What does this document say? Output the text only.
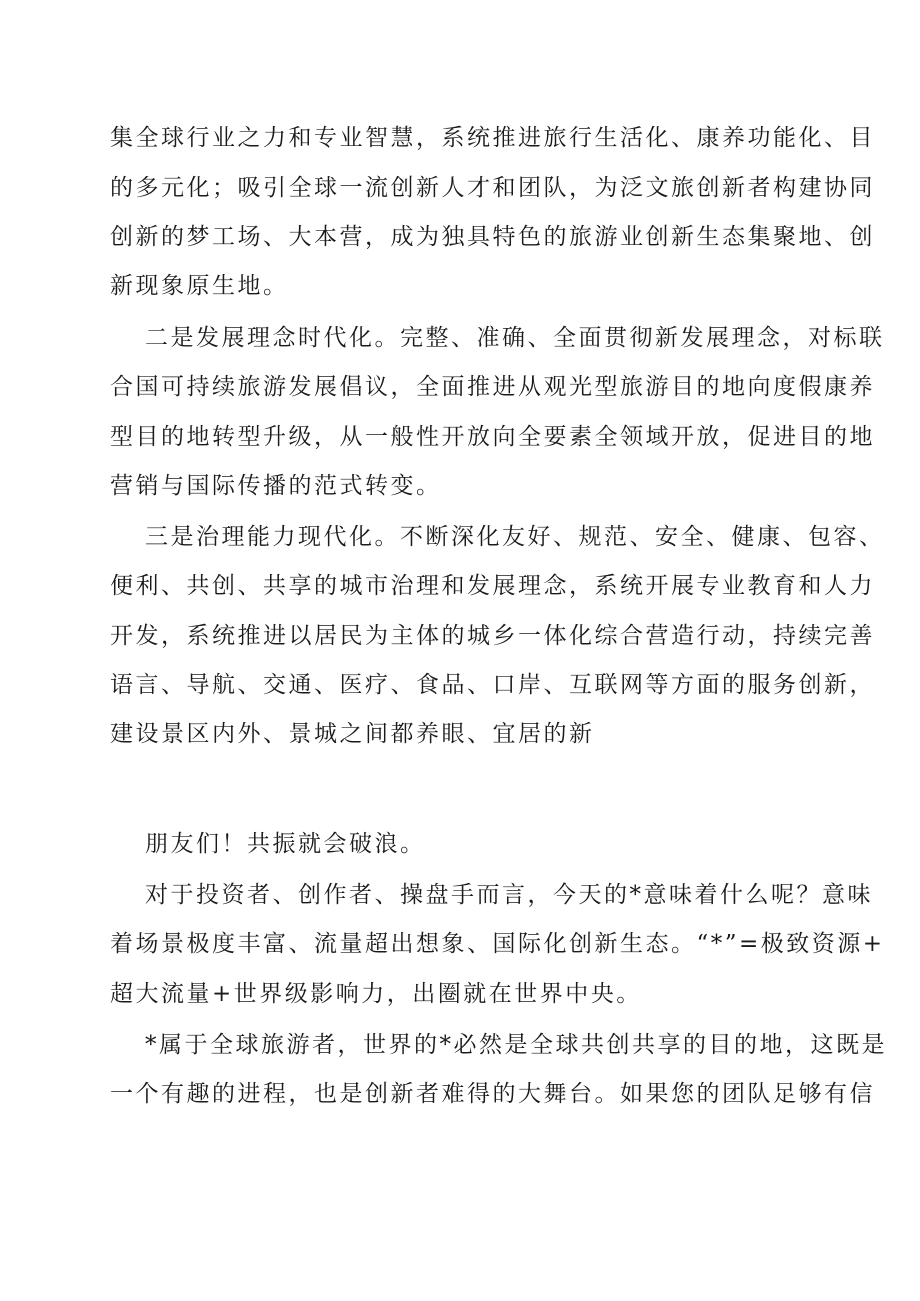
集全球行业之力和专业智慧，系统推进旅行生活化、康养功能化、目

的多元化；吸引全球一流创新人才和团队，为泛文旅创新者构建协同

创新的梦工场、大本营，成为独具特色的旅游业创新生态集聚地、创

新现象原生地。

二是发展理念时代化。完整、准确、全面贯彻新发展理念，对标联

合国可持续旅游发展倡议，全面推进从观光型旅游目的地向度假康养

型目的地转型升级，从一般性开放向全要素全领域开放，促进目的地

营销与国际传播的范式转变。

三是治理能力现代化。不断深化友好、规范、安全、健康、包容、

便利、共创、共享的城市治理和发展理念，系统开展专业教育和人力

开发，系统推进以居民为主体的城乡一体化综合营造行动，持续完善

语言、导航、交通、医疗、食品、口岸、互联网等方面的服务创新，

建设景区内外、景城之间都养眼、宜居的新

朋友们！共振就会破浪。

对于投资者、创作者、操盘手而言，今天的*意味着什么呢？意味

着场景极度丰富、流量超出想象、国际化创新生态。“*”=极致资源+

超大流量+世界级影响力，出圈就在世界中央。

*属于全球旅游者，世界的*必然是全球共创共享的目的地，这既是

一个有趣的进程，也是创新者难得的大舞台。如果您的团队足够有信
